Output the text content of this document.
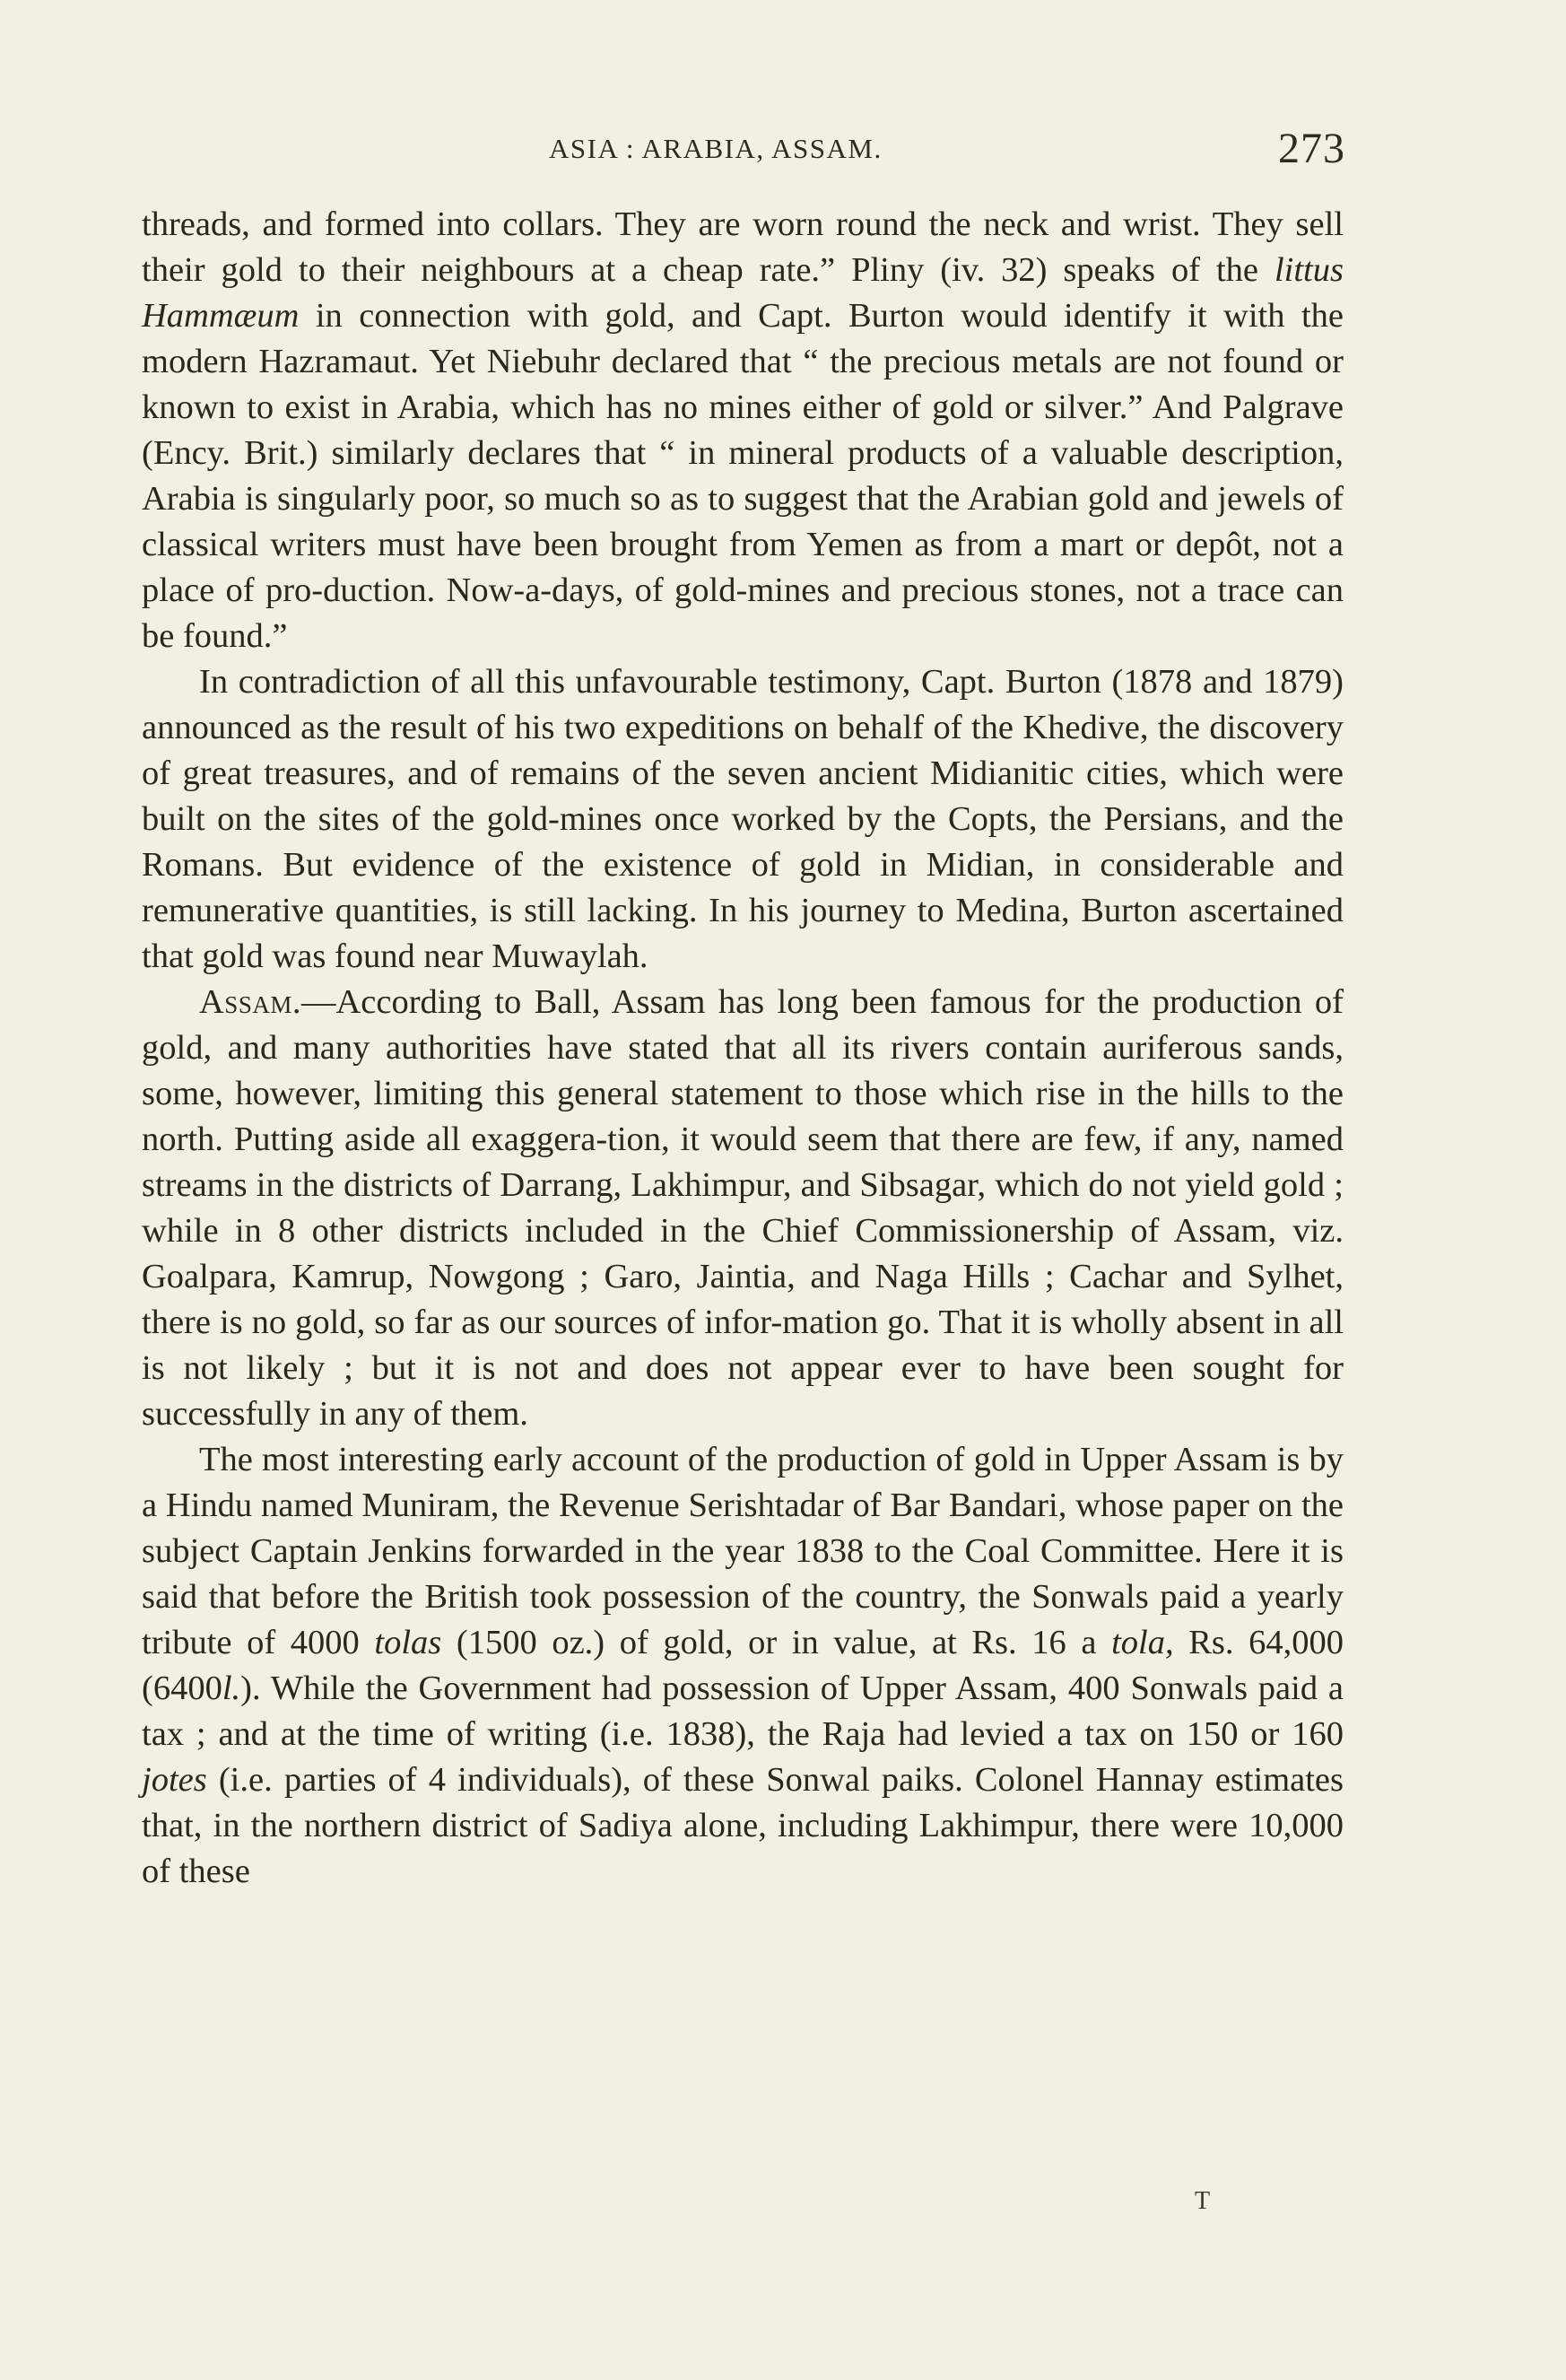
ASIA : ARABIA, ASSAM.	273

threads, and formed into collars. They are worn round the neck and wrist. They sell their gold to their neighbours at a cheap rate.” Pliny (iv. 32) speaks of the littus Hammæum in connection with gold, and Capt. Burton would identify it with the modern Hazramaut. Yet Niebuhr declared that “ the precious metals are not found or known to exist in Arabia, which has no mines either of gold or silver.” And Palgrave (Ency. Brit.) similarly declares that “ in mineral products of a valuable description, Arabia is singularly poor, so much so as to suggest that the Arabian gold and jewels of classical writers must have been brought from Yemen as from a mart or depôt, not a place of pro-duction. Now-a-days, of gold-mines and precious stones, not a trace can be found.”

In contradiction of all this unfavourable testimony, Capt. Burton (1878 and 1879) announced as the result of his two expeditions on behalf of the Khedive, the discovery of great treasures, and of remains of the seven ancient Midianitic cities, which were built on the sites of the gold-mines once worked by the Copts, the Persians, and the Romans. But evidence of the existence of gold in Midian, in considerable and remunerative quantities, is still lacking. In his journey to Medina, Burton ascertained that gold was found near Muwaylah.

Assam.—According to Ball, Assam has long been famous for the production of gold, and many authorities have stated that all its rivers contain auriferous sands, some, however, limiting this general statement to those which rise in the hills to the north. Putting aside all exaggera-tion, it would seem that there are few, if any, named streams in the districts of Darrang, Lakhimpur, and Sibsagar, which do not yield gold ; while in 8 other districts included in the Chief Commissionership of Assam, viz. Goalpara, Kamrup, Nowgong ; Garo, Jaintia, and Naga Hills ; Cachar and Sylhet, there is no gold, so far as our sources of infor-mation go. That it is wholly absent in all is not likely ; but it is not and does not appear ever to have been sought for successfully in any of them.

The most interesting early account of the production of gold in Upper Assam is by a Hindu named Muniram, the Revenue Serishtadar of Bar Bandari, whose paper on the subject Captain Jenkins forwarded in the year 1838 to the Coal Committee. Here it is said that before the British took possession of the country, the Sonwals paid a yearly tribute of 4000 tolas (1500 oz.) of gold, or in value, at Rs. 16 a tola, Rs. 64,000 (6400l.). While the Government had possession of Upper Assam, 400 Sonwals paid a tax ; and at the time of writing (i.e. 1838), the Raja had levied a tax on 150 or 160 jotes (i.e. parties of 4 individuals), of these Sonwal paiks. Colonel Hannay estimates that, in the northern district of Sadiya alone, including Lakhimpur, there were 10,000 of these

T
